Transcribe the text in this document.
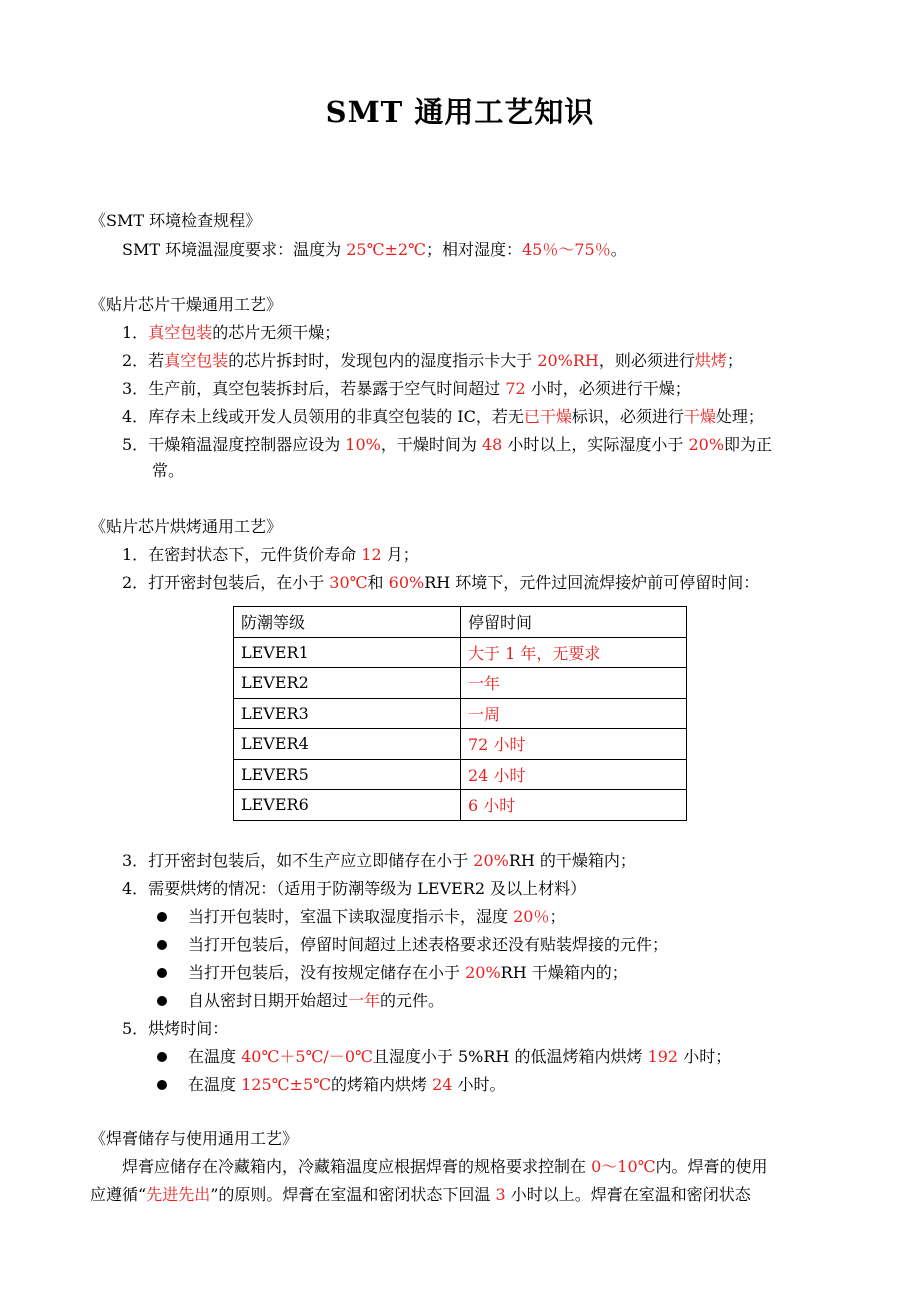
SMT 通用工艺知识
《SMT 环境检查规程》
SMT 环境温湿度要求：温度为 25℃±2℃；相对湿度：45％～75％。
《贴片芯片干燥通用工艺》
1．真空包装的芯片无须干燥；
2．若真空包装的芯片拆封时，发现包内的湿度指示卡大于 20%RH，则必须进行烘烤；
3．生产前，真空包装拆封后，若暴露于空气时间超过 72 小时，必须进行干燥；
4．库存未上线或开发人员领用的非真空包装的 IC，若无已干燥标识，必须进行干燥处理；
5．干燥箱温湿度控制器应设为 10%，干燥时间为 48 小时以上，实际湿度小于 20%即为正
常。
《贴片芯片烘烤通用工艺》
1．在密封状态下，元件货价寿命 12 月；
2．打开密封包装后，在小于 30℃和 60%RH 环境下，元件过回流焊接炉前可停留时间：
防潮等级	停留时间
LEVER1	大于 1 年，无要求
LEVER2	一年
LEVER3	一周
LEVER4	72 小时
LEVER5	24 小时
LEVER6	6 小时
3．打开密封包装后，如不生产应立即储存在小于 20%RH 的干燥箱内；
4．需要烘烤的情况：（适用于防潮等级为 LEVER2 及以上材料）
当打开包装时，室温下读取湿度指示卡，湿度 20％；
当打开包装后，停留时间超过上述表格要求还没有贴装焊接的元件；
当打开包装后，没有按规定储存在小于 20%RH 干燥箱内的；
自从密封日期开始超过一年的元件。
5．烘烤时间：
在温度 40℃＋5℃/－0℃且湿度小于 5%RH 的低温烤箱内烘烤 192 小时；
在温度 125℃±5℃的烤箱内烘烤 24 小时。
《焊膏储存与使用通用工艺》
焊膏应储存在冷藏箱内，冷藏箱温度应根据焊膏的规格要求控制在 0～10℃内。焊膏的使用
应遵循“先进先出”的原则。焊膏在室温和密闭状态下回温 3 小时以上。焊膏在室温和密闭状态
